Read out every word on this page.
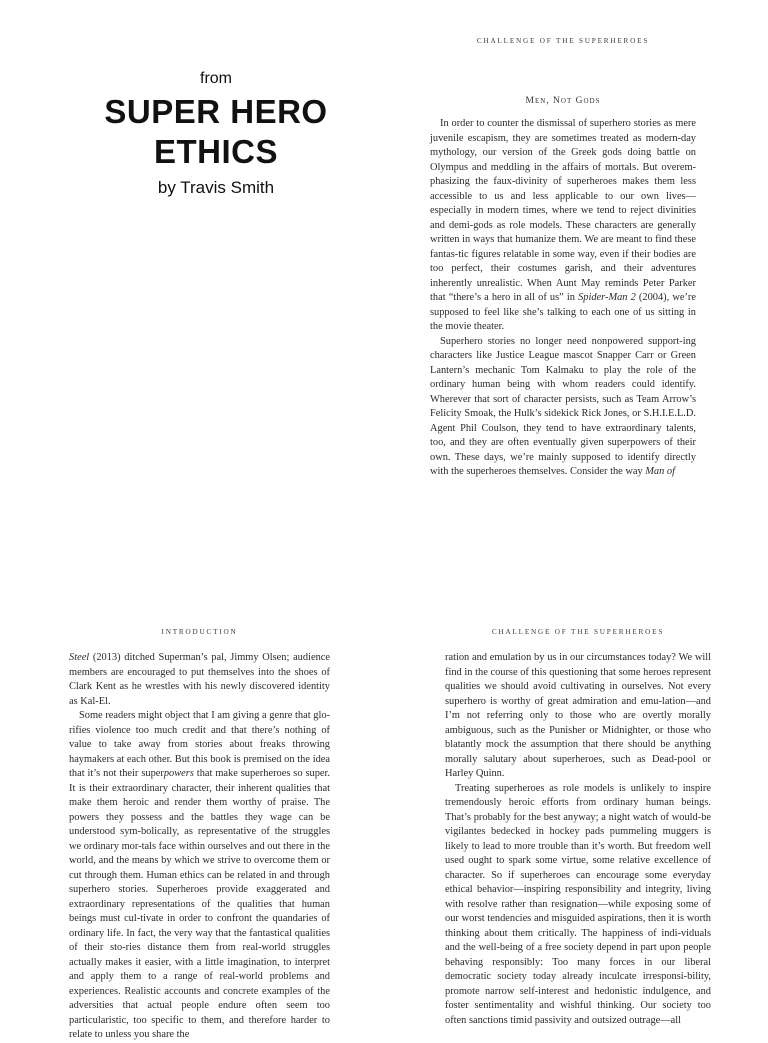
CHALLENGE OF THE SUPERHEROES
from
SUPER HERO ETHICS
by Travis Smith
Men, Not Gods

In order to counter the dismissal of superhero stories as mere juvenile escapism, they are sometimes treated as modern-day mythology, our version of the Greek gods doing battle on Olympus and meddling in the affairs of mortals. But overem-phasizing the faux-divinity of superheroes makes them less accessible to us and less applicable to our own lives—especially in modern times, where we tend to reject divinities and demi-gods as role models. These characters are generally written in ways that humanize them. We are meant to find these fantas-tic figures relatable in some way, even if their bodies are too perfect, their costumes garish, and their adventures inherently unrealistic. When Aunt May reminds Peter Parker that “there’s a hero in all of us” in Spider-Man 2 (2004), we’re supposed to feel like she’s talking to each one of us sitting in the movie theater.

Superhero stories no longer need nonpowered support-ing characters like Justice League mascot Snapper Carr or Green Lantern’s mechanic Tom Kalmaku to play the role of the ordinary human being with whom readers could identify. Wherever that sort of character persists, such as Team Arrow’s Felicity Smoak, the Hulk’s sidekick Rick Jones, or S.H.I.E.L.D. Agent Phil Coulson, they tend to have extraordinary talents, too, and they are often eventually given superpowers of their own. These days, we’re mainly supposed to identify directly with the superheroes themselves. Consider the way Man of

INTRODUCTION

Steel (2013) ditched Superman’s pal, Jimmy Olsen; audience members are encouraged to put themselves into the shoes of Clark Kent as he wrestles with his newly discovered identity as Kal-El.

Some readers might object that I am giving a genre that glo-rifies violence too much credit and that there’s nothing of value to take away from stories about freaks throwing haymakers at each other. But this book is premised on the idea that it’s not their superpowers that make superheroes so super. It is their extraordinary character, their inherent qualities that make them heroic and render them worthy of praise. The powers they possess and the battles they wage can be understood sym-bolically, as representative of the struggles we ordinary mor-tals face within ourselves and out there in the world, and the means by which we strive to overcome them or cut through them. Human ethics can be related in and through superhero stories. Superheroes provide exaggerated and extraordinary representations of the qualities that human beings must cul-tivate in order to confront the quandaries of ordinary life. In fact, the very way that the fantastical qualities of their sto-ries distance them from real-world struggles actually makes it easier, with a little imagination, to interpret and apply them to a range of real-world problems and experiences. Realistic accounts and concrete examples of the adversities that actual people endure often seem too particularistic, too specific to them, and therefore harder to relate to unless you share the

CHALLENGE OF THE SUPERHEROES

ration and emulation by us in our circumstances today? We will find in the course of this questioning that some heroes represent qualities we should avoid cultivating in ourselves. Not every superhero is worthy of great admiration and emu-lation—and I’m not referring only to those who are overtly morally ambiguous, such as the Punisher or Midnighter, or those who blatantly mock the assumption that there should be anything morally salutary about superheroes, such as Dead-pool or Harley Quinn.

Treating superheroes as role models is unlikely to inspire tremendously heroic efforts from ordinary human beings. That’s probably for the best anyway; a night watch of would-be vigilantes bedecked in hockey pads pummeling muggers is likely to lead to more trouble than it’s worth. But freedom well used ought to spark some virtue, some relative excellence of character. So if superheroes can encourage some everyday ethical behavior—inspiring responsibility and integrity, living with resolve rather than resignation—while exposing some of our worst tendencies and misguided aspirations, then it is worth thinking about them critically. The happiness of indi-viduals and the well-being of a free society depend in part upon people behaving responsibly: Too many forces in our liberal democratic society today already inculcate irresponsi-bility, promote narrow self-interest and hedonistic indulgence, and foster sentimentality and wishful thinking. Our society too often sanctions timid passivity and outsized outrage—all
